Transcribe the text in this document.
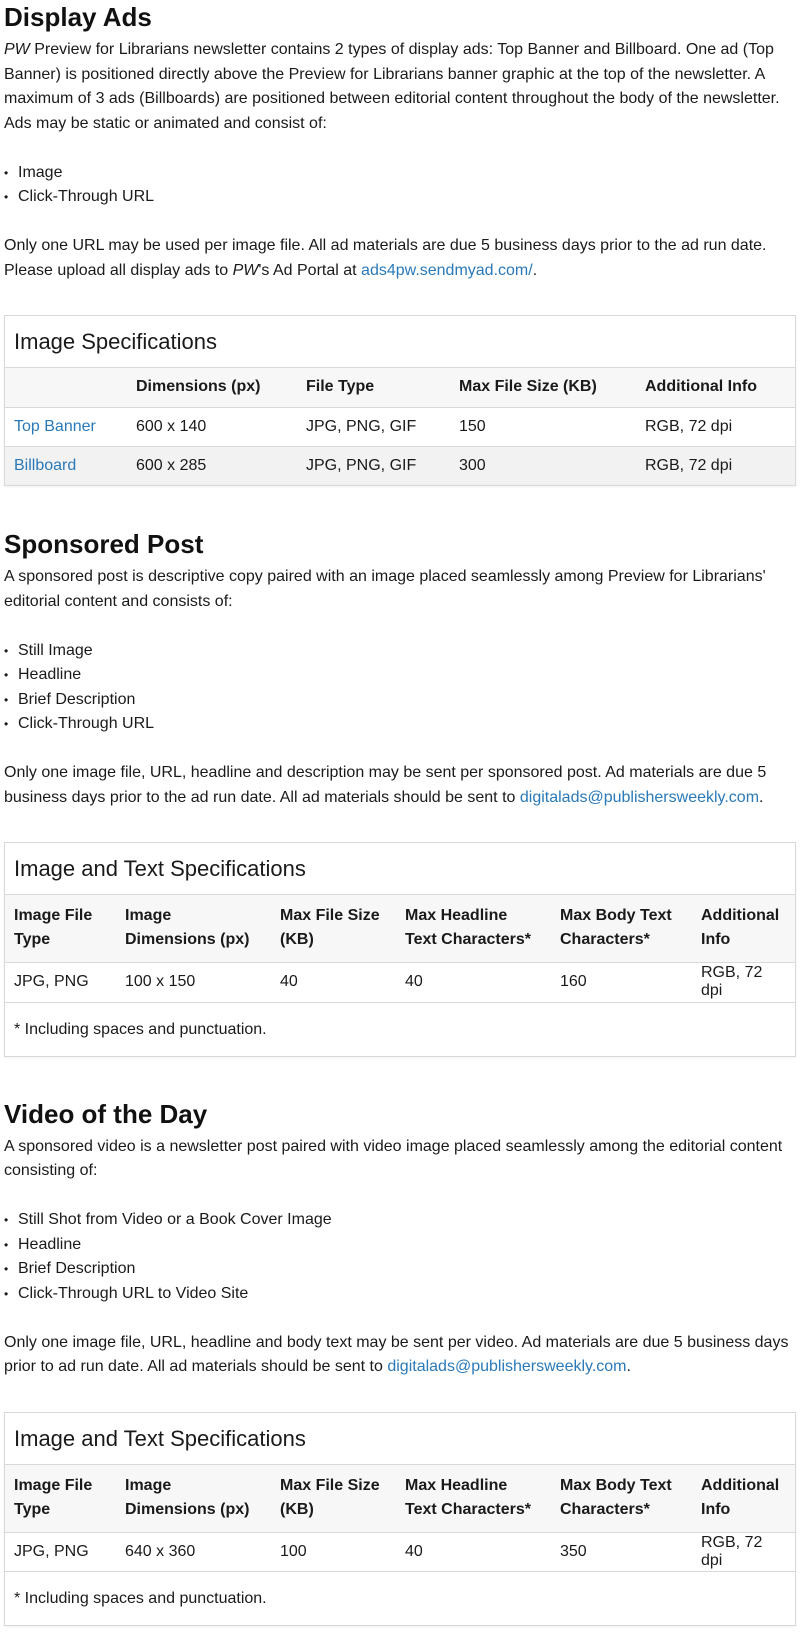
Display Ads

PW Preview for Librarians newsletter contains 2 types of display ads: Top Banner and Billboard. One ad (Top Banner) is positioned directly above the Preview for Librarians banner graphic at the top of the newsletter. A maximum of 3 ads (Billboards) are positioned between editorial content throughout the body of the newsletter. Ads may be static or animated and consist of:

• Image
• Click-Through URL

Only one URL may be used per image file. All ad materials are due 5 business days prior to the ad run date. Please upload all display ads to PW's Ad Portal at ads4pw.sendmyad.com/.

Image Specifications
	Dimensions (px)	File Type	Max File Size (KB)	Additional Info
Top Banner	600 x 140	JPG, PNG, GIF	150	RGB, 72 dpi
Billboard	600 x 285	JPG, PNG, GIF	300	RGB, 72 dpi
Sponsored Post

A sponsored post is descriptive copy paired with an image placed seamlessly among Preview for Librarians' editorial content and consists of:

• Still Image
• Headline
• Brief Description
• Click-Through URL

Only one image file, URL, headline and description may be sent per sponsored post. Ad materials are due 5 business days prior to the ad run date. All ad materials should be sent to digitalads@publishersweekly.com.

Image and Text Specifications
Image File Type	Image Dimensions (px)	Max File Size (KB)	Max Headline Text Characters*	Max Body Text Characters*	Additional Info
JPG, PNG	100 x 150	40	40	160	RGB, 72 dpi
* Including spaces and punctuation.
Video of the Day

A sponsored video is a newsletter post paired with video image placed seamlessly among the editorial content consisting of:

• Still Shot from Video or a Book Cover Image
• Headline
• Brief Description
• Click-Through URL to Video Site

Only one image file, URL, headline and body text may be sent per video. Ad materials are due 5 business days prior to ad run date. All ad materials should be sent to digitalads@publishersweekly.com.

Image and Text Specifications
Image File Type	Image Dimensions (px)	Max File Size (KB)	Max Headline Text Characters*	Max Body Text Characters*	Additional Info
JPG, PNG	640 x 360	100	40	350	RGB, 72 dpi
* Including spaces and punctuation.
